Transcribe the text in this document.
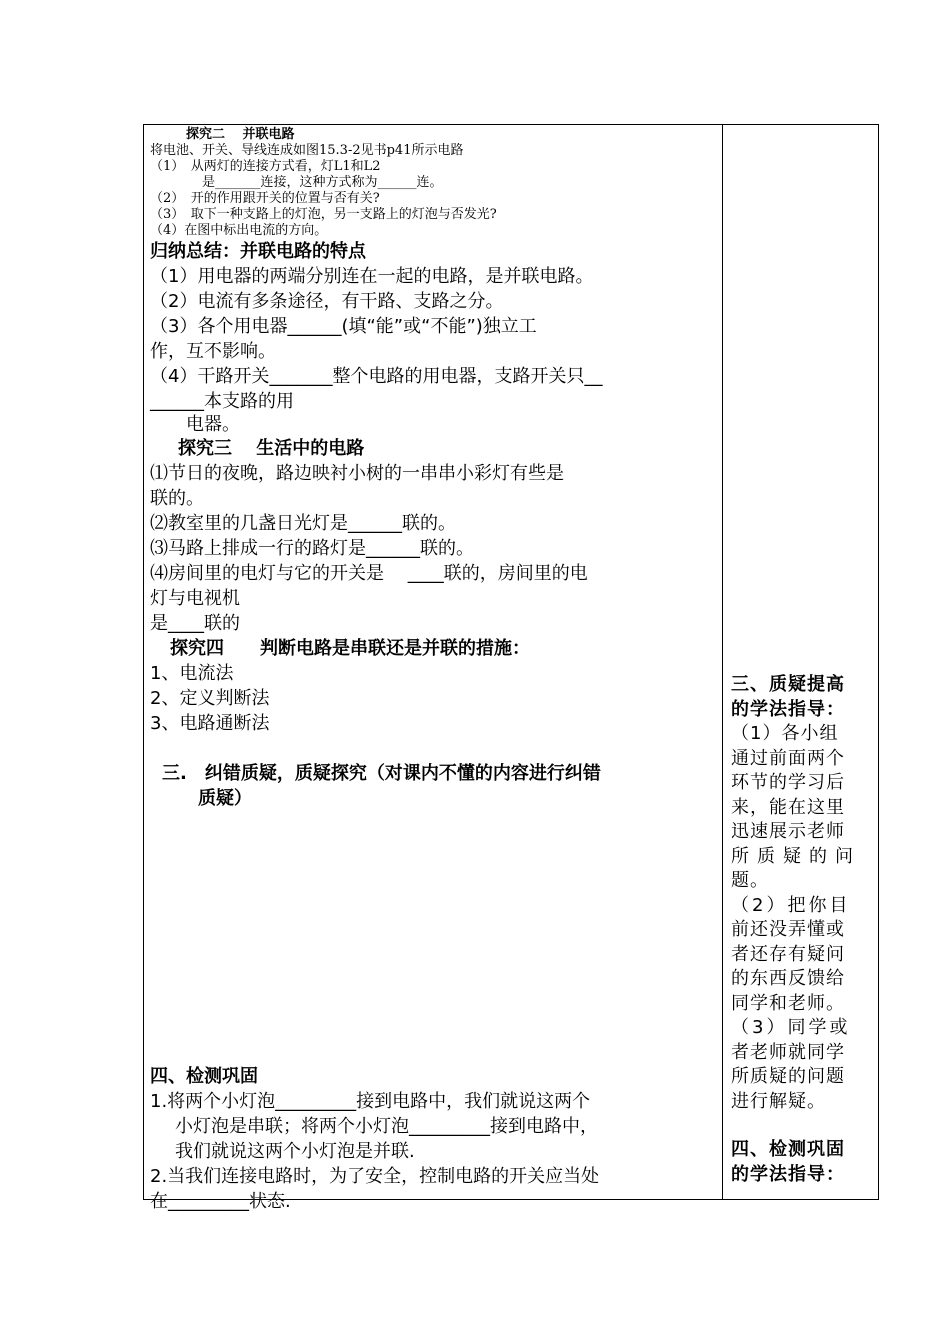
探究二　 并联电路
将电池、开关、导线连成如图15.3-2见书p41所示电路
（1）　从两灯的连接方式看，灯L1和L2
是_______连接，这种方式称为______连。
（2）　开的作用跟开关的位置与否有关?
（3）　取下一种支路上的灯泡，另一支路上的灯泡与否发光?
（4）在图中标出电流的方向。
归纳总结：并联电路的特点
（1）用电器的两端分别连在一起的电路，是并联电路。
（2）电流有多条途径，有干路、支路之分。
（3）各个用电器______(填“能”或“不能”)独立工
作，互不影响。
（4）干路开关_______整个电路的用电器，支路开关只__
______本支路的用
　　电器。
　探究三　 生活中的电路
⑴节日的夜晚，路边映衬小树的一串串小彩灯有些是
联的。
⑵教室里的几盏日光灯是______联的。
⑶马路上排成一行的路灯是______联的。
⑷房间里的电灯与它的开关是　 ____联的，房间里的电
灯与电视机
是____联的
探究四　　判断电路是串联还是并联的措施：
1、电流法
2、定义判断法
3、电路通断法
三.　纠错质疑，质疑探究（对课内不懂的内容进行纠错
质疑）
四、检测巩固
1.将两个小灯泡_________接到电路中，我们就说这两个
小灯泡是串联；将两个小灯泡_________接到电路中，
我们就说这两个小灯泡是并联.
2.当我们连接电路时，为了安全，控制电路的开关应当处
在_________状态.
三、质疑提高
的学法指导：
（1）各小组
通过前面两个
环节的学习后
来，能在这里
迅速展示老师
所质疑的问
题。
（2）把你目
前还没弄懂或
者还存有疑问
的东西反馈给
同学和老师。
（3）同学或
者老师就同学
所质疑的问题
进行解疑。
四、检测巩固
的学法指导：
